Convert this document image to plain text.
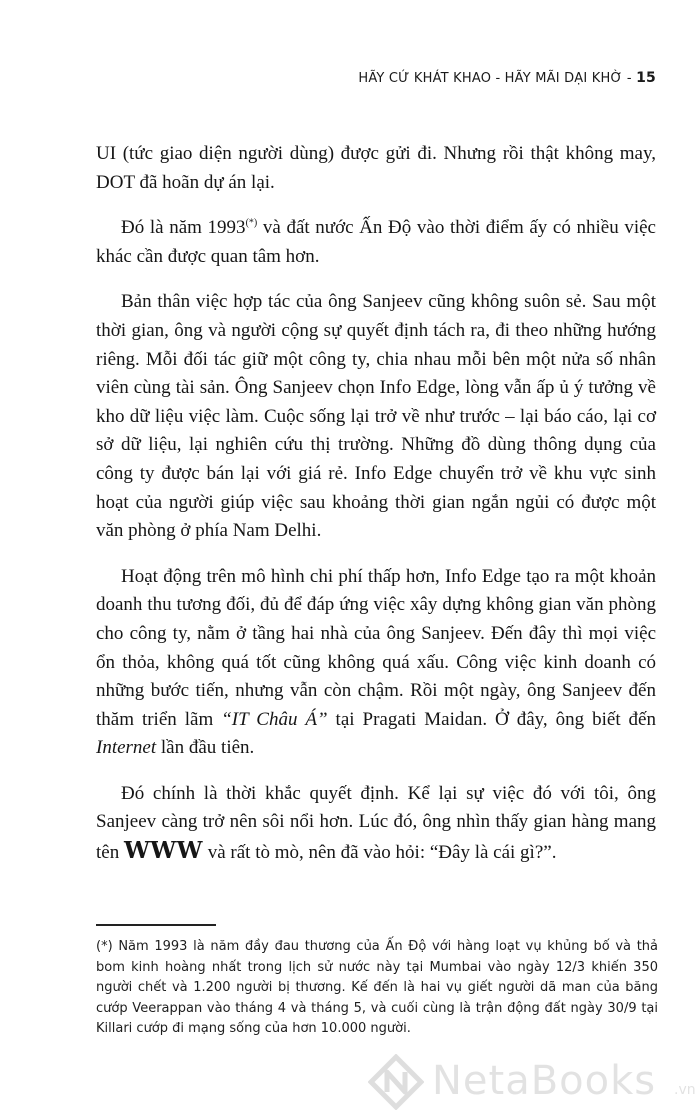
HÃY CỨ KHÁT KHAO - HÃY MÃI DẠI KHỜ - 15

UI (tức giao diện người dùng) được gửi đi. Nhưng rồi thật không may, DOT đã hoãn dự án lại.

Đó là năm 1993(*) và đất nước Ấn Độ vào thời điểm ấy có nhiều việc khác cần được quan tâm hơn.

Bản thân việc hợp tác của ông Sanjeev cũng không suôn sẻ. Sau một thời gian, ông và người cộng sự quyết định tách ra, đi theo những hướng riêng. Mỗi đối tác giữ một công ty, chia nhau mỗi bên một nửa số nhân viên cùng tài sản. Ông Sanjeev chọn Info Edge, lòng vẫn ấp ủ ý tưởng về kho dữ liệu việc làm. Cuộc sống lại trở về như trước – lại báo cáo, lại cơ sở dữ liệu, lại nghiên cứu thị trường. Những đồ dùng thông dụng của công ty được bán lại với giá rẻ. Info Edge chuyển trở về khu vực sinh hoạt của người giúp việc sau khoảng thời gian ngắn ngủi có được một văn phòng ở phía Nam Delhi.

Hoạt động trên mô hình chi phí thấp hơn, Info Edge tạo ra một khoản doanh thu tương đối, đủ để đáp ứng việc xây dựng không gian văn phòng cho công ty, nằm ở tầng hai nhà của ông Sanjeev. Đến đây thì mọi việc ổn thỏa, không quá tốt cũng không quá xấu. Công việc kinh doanh có những bước tiến, nhưng vẫn còn chậm. Rồi một ngày, ông Sanjeev đến thăm triển lãm “IT Châu Á” tại Pragati Maidan. Ở đây, ông biết đến Internet lần đầu tiên.

Đó chính là thời khắc quyết định. Kể lại sự việc đó với tôi, ông Sanjeev càng trở nên sôi nổi hơn. Lúc đó, ông nhìn thấy gian hàng mang tên WWW và rất tò mò, nên đã vào hỏi: “Đây là cái gì?”.

(*) Năm 1993 là năm đầy đau thương của Ấn Độ với hàng loạt vụ khủng bố và thả bom kinh hoàng nhất trong lịch sử nước này tại Mumbai vào ngày 12/3 khiến 350 người chết và 1.200 người bị thương. Kế đến là hai vụ giết người dã man của băng cướp Veerappan vào tháng 4 và tháng 5, và cuối cùng là trận động đất ngày 30/9 tại Killari cướp đi mạng sống của hơn 10.000 người.

NetaBooks .vn
